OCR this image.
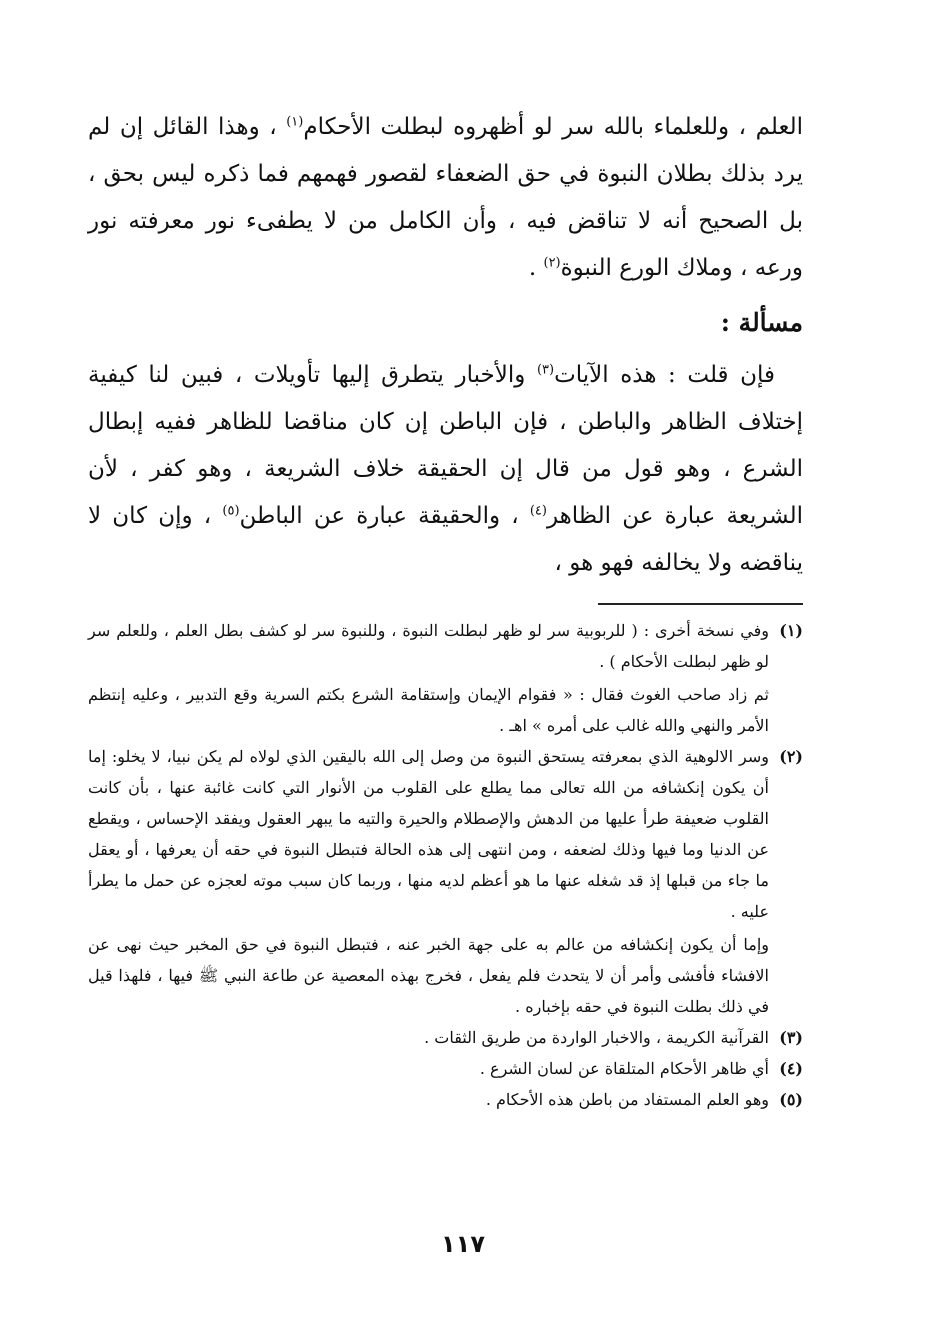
العلم ، وللعلماء بالله سر لو أظهروه لبطلت الأحكام$^{(١)}$ ، وهذا القائل إن لم يرد بذلك بطلان النبوة في حق الضعفاء لقصور فهمهم فما ذكره ليس بحق ، بل الصحيح أنه لا تناقض فيه ، وأن الكامل من لا يطفىء نور معرفته نور ورعه ، وملاك الورع النبوة$^{(٢)}$ .

مسألة :

فإن قلت : هذه الآيات$^{(٣)}$ والأخبار يتطرق إليها تأويلات ، فبين لنا كيفية إختلاف الظاهر والباطن ، فإن الباطن إن كان مناقضا للظاهر ففيه إبطال الشرع ، وهو قول من قال إن الحقيقة خلاف الشريعة ، وهو كفر ، لأن الشريعة عبارة عن الظاهر$^{(٤)}$ ، والحقيقة عبارة عن الباطن$^{(٥)}$ ، وإن كان لا يناقضه ولا يخالفه فهو هو ،

(١)

وفي نسخة أخرى : ( للربوبية سر لو ظهر لبطلت النبوة ، وللنبوة سر لو كشف بطل العلم ، وللعلم سر لو ظهر لبطلت الأحكام ) .

ثم زاد صاحب الغوث فقال : « فقوام الإيمان وإستقامة الشرع بكتم السرية وقع التدبير ، وعليه إنتظم الأمر والنهي والله غالب على أمره » اهـ .

(٢)

وسر الالوهية الذي بمعرفته يستحق النبوة من وصل إلى الله باليقين الذي لولاه لم يكن نبيا، لا يخلو: إما أن يكون إنكشافه من الله تعالى مما يطلع على القلوب من الأنوار التي كانت غائبة عنها ، بأن كانت القلوب ضعيفة طرأ عليها من الدهش والإصطلام والحيرة والتيه ما يبهر العقول ويفقد الإحساس ، ويقطع عن الدنيا وما فيها وذلك لضعفه ، ومن انتهى إلى هذه الحالة فتبطل النبوة في حقه أن يعرفها ، أو يعقل ما جاء من قبلها إذ قد شغله عنها ما هو أعظم لديه منها ، وربما كان سبب موته لعجزه عن حمل ما يطرأ عليه .

وإما أن يكون إنكشافه من عالم به على جهة الخبر عنه ، فتبطل النبوة في حق المخبر حيث نهى عن الافشاء فأفشى وأمر أن لا يتحدث فلم يفعل ، فخرج بهذه المعصية عن طاعة النبي ﷺ فيها ، فلهذا قيل في ذلك بطلت النبوة في حقه بإخباره .

(٣)

القرآنية الكريمة ، والاخبار الواردة من طريق الثقات .

(٤)

أي ظاهر الأحكام المتلقاة عن لسان الشرع .

(٥)

وهو العلم المستفاد من باطن هذه الأحكام .

١١٧
